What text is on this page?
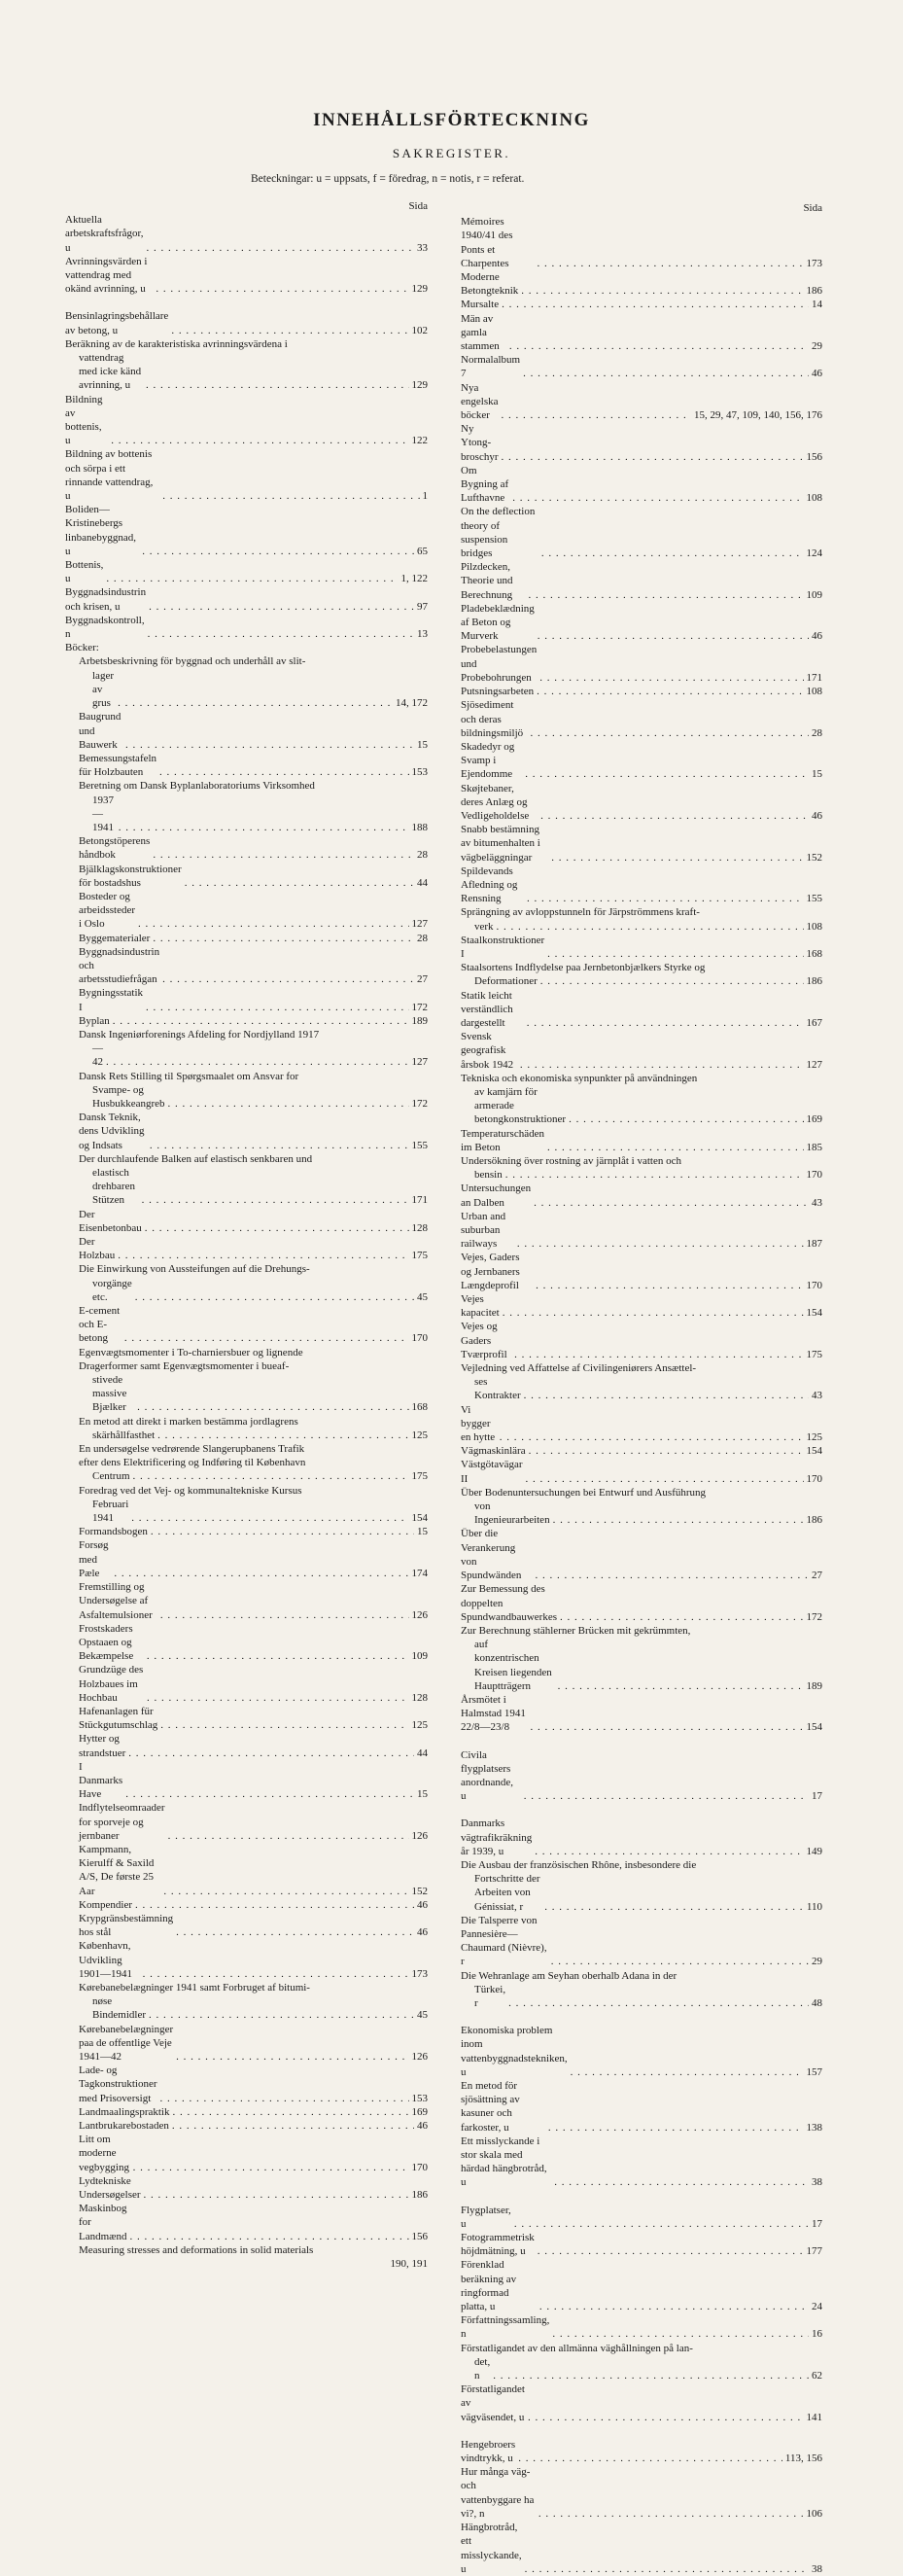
INNEHÅLLSFÖRTECKNING
SAKREGISTER.
Beteckningar: u = uppsats, f = föredrag, n = notis, r = referat.
Sida
Aktuella arbetskraftsfrågor, u . . .	33
Avrinningsvärden i vattendrag med okänd avrinning, u . . .	129
Bensinlagringsbehållare av betong, u . . .	102
Beräkning av de karakteristiska avrinningsvärdena i
vattendrag med icke känd avrinning, u . . .	129
Bildning av bottenis, u . . .	122
Bildning av bottenis och sörpa i ett rinnande vattendrag, u . . .	1
Boliden—Kristinebergs linbanebyggnad, u . . .	65
Bottenis, u . . .	1, 122
Byggnadsindustrin och krisen, u . . .	97
Byggnadskontroll, n . . .	13
Böcker:
Arbetsbeskrivning för byggnad och underhåll av slit-
lager av grus . . .	14, 172
Baugrund und Bauwerk . . .	15
Bemessungstafeln für Holzbauten . . .	153
Beretning om Dansk Byplanlaboratoriums Virksomhed
1937—1941 . . .	188
Betongstöperens håndbok . . .	28
Bjälklagskonstruktioner för bostadshus . . .	44
Bosteder og arbeidssteder i Oslo . . .	127
Byggematerialer . . .	28
Byggnadsindustrin och arbetsstudiefrågan . . .	27
Bygningsstatik I . . .	172
Byplan . . .	189
Dansk Ingeniørforenings Afdeling for Nordjylland 1917
—42 . . .	127
Dansk Rets Stilling til Spørgsmaalet om Ansvar for
Svampe- og Husbukkeangreb . . .	172
Dansk Teknik, dens Udvikling og Indsats . . .	155
Der durchlaufende Balken auf elastisch senkbaren und
elastisch drehbaren Stützen . . .	171
Der Eisenbetonbau . . .	128
Der Holzbau . . .	175
Die Einwirkung von Aussteifungen auf die Drehungs-
vorgänge etc. . . .	45
E-cement och E-betong . . .	170
Egenvægtsmomenter i To-charniersbuer og lignende
Dragerformer samt Egenvægtsmomenter i bueaf-
stivede massive Bjælker . . .	168
En metod att direkt i marken bestämma jordlagrens
skärhållfasthet . . .	125
En undersøgelse vedrørende Slangerupbanens Trafik
efter dens Elektrificering og Indføring til København
Centrum . . .	175
Foredrag ved det Vej- og kommunaltekniske Kursus
Februari 1941 . . .	154
Formandsbogen . . .	15
Forsøg med Pæle . . .	174
Fremstilling og Undersøgelse af Asfaltemulsioner . . .	126
Frostskaders Opstaaen og Bekæmpelse . . .	109
Grundzüge des Holzbaues im Hochbau . . .	128
Hafenanlagen für Stückgutumschlag . . .	125
Hytter og strandstuer . . .	44
I Danmarks Have . . .	15
Indflytelseomraader for sporveje og jernbaner . . .	126
Kampmann, Kierulff & Saxild A/S, De første 25 Aar . . .	152
Kompendier . . .	46
Krypgränsbestämning hos stål . . .	46
København, Udvikling 1901—1941 . . .	173
Kørebanebelægninger 1941 samt Forbruget af bitumi-
nøse Bindemidler . . .	45
Kørebanebelægninger paa de offentlige Veje 1941—42 . . .	126
Lade- og Tagkonstruktioner med Prisoversigt . . .	153
Landmaalingspraktik . . .	169
Lantbrukarebostaden . . .	46
Litt om moderne vegbygging . . .	170
Lydtekniske Undersøgelser . . .	186
Maskinbog for Landmænd . . .	156
Measuring stresses and deformations in solid materials
190, 191
Sida
Mémoires 1940/41 des Ponts et Charpentes . . .	173
Moderne Betongteknik . . .	186
Mursalte . . .	14
Män av gamla stammen . . .	29
Normalalbum 7 . . .	46
Nya engelska böcker . . .	15, 29, 47, 109, 140, 156, 176
Ny Ytong-broschyr . . .	156
Om Bygning af Lufthavne . . .	108
On the deflection theory of suspension bridges . . .	124
Pilzdecken, Theorie und Berechnung . . .	109
Pladebeklædning af Beton og Murverk . . .	46
Probebelastungen und Probebohrungen . . .	171
Putsningsarbeten . . .	108
Sjösediment och deras bildningsmiljö . . .	28
Skadedyr og Svamp i Ejendomme . . .	15
Skøjtebaner, deres Anlæg og Vedligeholdelse . . .	46
Snabb bestämning av bitumenhalten i vägbeläggningar . . .	152
Spildevands Afledning og Rensning . . .	155
Sprängning av avloppstunneln för Järpströmmens kraft-
verk . . .	108
Staalkonstruktioner I . . .	168
Staalsortens Indflydelse paa Jernbetonbjælkers Styrke og
Deformationer . . .	186
Statik leicht verständlich dargestellt . . .	167
Svensk geografisk årsbok 1942 . . .	127
Tekniska och ekonomiska synpunkter på användningen
av kamjärn för armerade betongkonstruktioner . . .	169
Temperaturschäden im Beton . . .	185
Undersökning över rostning av järnplåt i vatten och
bensin . . .	170
Untersuchungen an Dalben . . .	43
Urban and suburban railways . . .	187
Vejes, Gaders og Jernbaners Længdeprofil . . .	170
Vejes kapacitet . . .	154
Vejes og Gaders Tværprofil . . .	175
Vejledning ved Affattelse af Civilingeniørers Ansættel-
ses Kontrakter . . .	43
Vi bygger en hytte . . .	125
Vägmaskinlära . . .	154
Västgötavägar II . . .	170
Über Bodenuntersuchungen bei Entwurf und Ausführung
von Ingenieurarbeiten . . .	186
Über die Verankerung von Spundwänden . . .	27
Zur Bemessung des doppelten Spundwandbauwerkes . . .	172
Zur Berechnung stählerner Brücken mit gekrümmten,
auf konzentrischen Kreisen liegenden Hauptträgern . . .	189
Årsmötet i Halmstad 1941 22/8—23/8 . . .	154
Civila flygplatsers anordnande, u . . .	17
Danmarks vägtrafikräkning år 1939, u . . .	149
Die Ausbau der französischen Rhône, insbesondere die
Fortschritte der Arbeiten von Génissiat, r . . .	110
Die Talsperre von Pannesière—Chaumard (Nièvre), r . . .	29
Die Wehranlage am Seyhan oberhalb Adana in der
Türkei, r . . .	48
Ekonomiska problem inom vattenbyggnadstekniken, u . . .	157
En metod för sjösättning av kasuner och farkoster, u . . .	138
Ett misslyckande i stor skala med härdad hängbrotråd, u . . .	38
Flygplatser, u . . .	17
Fotogrammetrisk höjdmätning, u . . .	177
Förenklad beräkning av ringformad platta, u . . .	24
Författningssamling, n . . .	16
Förstatligandet av den allmänna väghållningen på lan-
det, n . . .	62
Förstatligandet av vägväsendet, u . . .	141
Hengebroers vindtrykk, u . . .	113, 156
Hur många väg- och vattenbyggare ha vi?, n . . .	106
Hängbrotråd, ett misslyckande, u . . .	38
